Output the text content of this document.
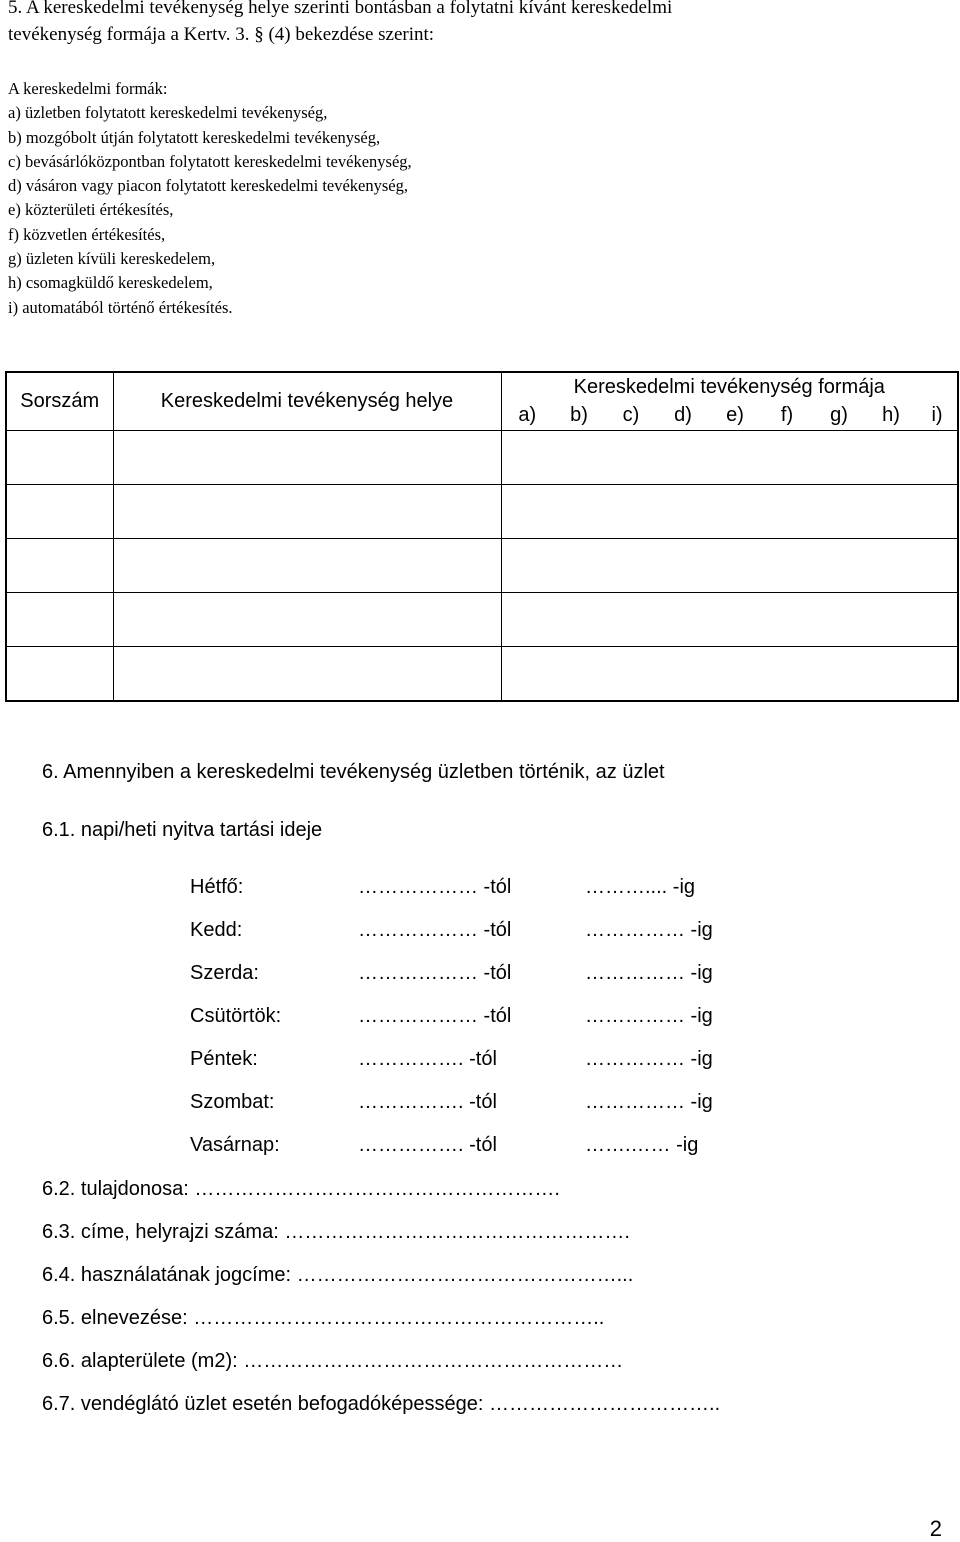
5. A kereskedelmi tevékenység helye szerinti bontásban a folytatni kívánt kereskedelmi
tevékenység formája a Kertv. 3. § (4) bekezdése szerint:
A kereskedelmi formák:
a) üzletben folytatott kereskedelmi tevékenység,
b) mozgóbolt útján folytatott kereskedelmi tevékenység,
c) bevásárlóközpontban folytatott kereskedelmi tevékenység,
d) vásáron vagy piacon folytatott kereskedelmi tevékenység,
e) közterületi értékesítés,
f) közvetlen értékesítés,
g) üzleten kívüli kereskedelem,
h) csomagküldő kereskedelem,
i) automatából történő értékesítés.
Sorszám	Kereskedelmi tevékenység helye	Kereskedelmi tevékenység formája								
		a)	b)	c)	d)	e)	f)	g)	h)	i)

6. Amennyiben a kereskedelmi tevékenység üzletben történik, az üzlet
6.1. napi/heti nyitva tartási ideje
Hétfő:	……………… -tól	……….... -ig
Kedd:	……………… -tól	…………… -ig
Szerda:	……………… -tól	…………… -ig
Csütörtök:	……………… -tól	…………… -ig
Péntek:	……………. -tól	…………… -ig
Szombat:	……………. -tól	…………… -ig
Vasárnap:	……………. -tól	…….…… -ig
6.2. tulajdonosa: ……………………………………………….
6.3. címe, helyrajzi száma: …………………………………………….
6.4. használatának jogcíme: …………………………………………...
6.5. elnevezése: ……………………………………………………..
6.6. alapterülete (m2): …………………………………………………
6.7. vendéglátó üzlet esetén befogadóképessége: ……………………………..
2
